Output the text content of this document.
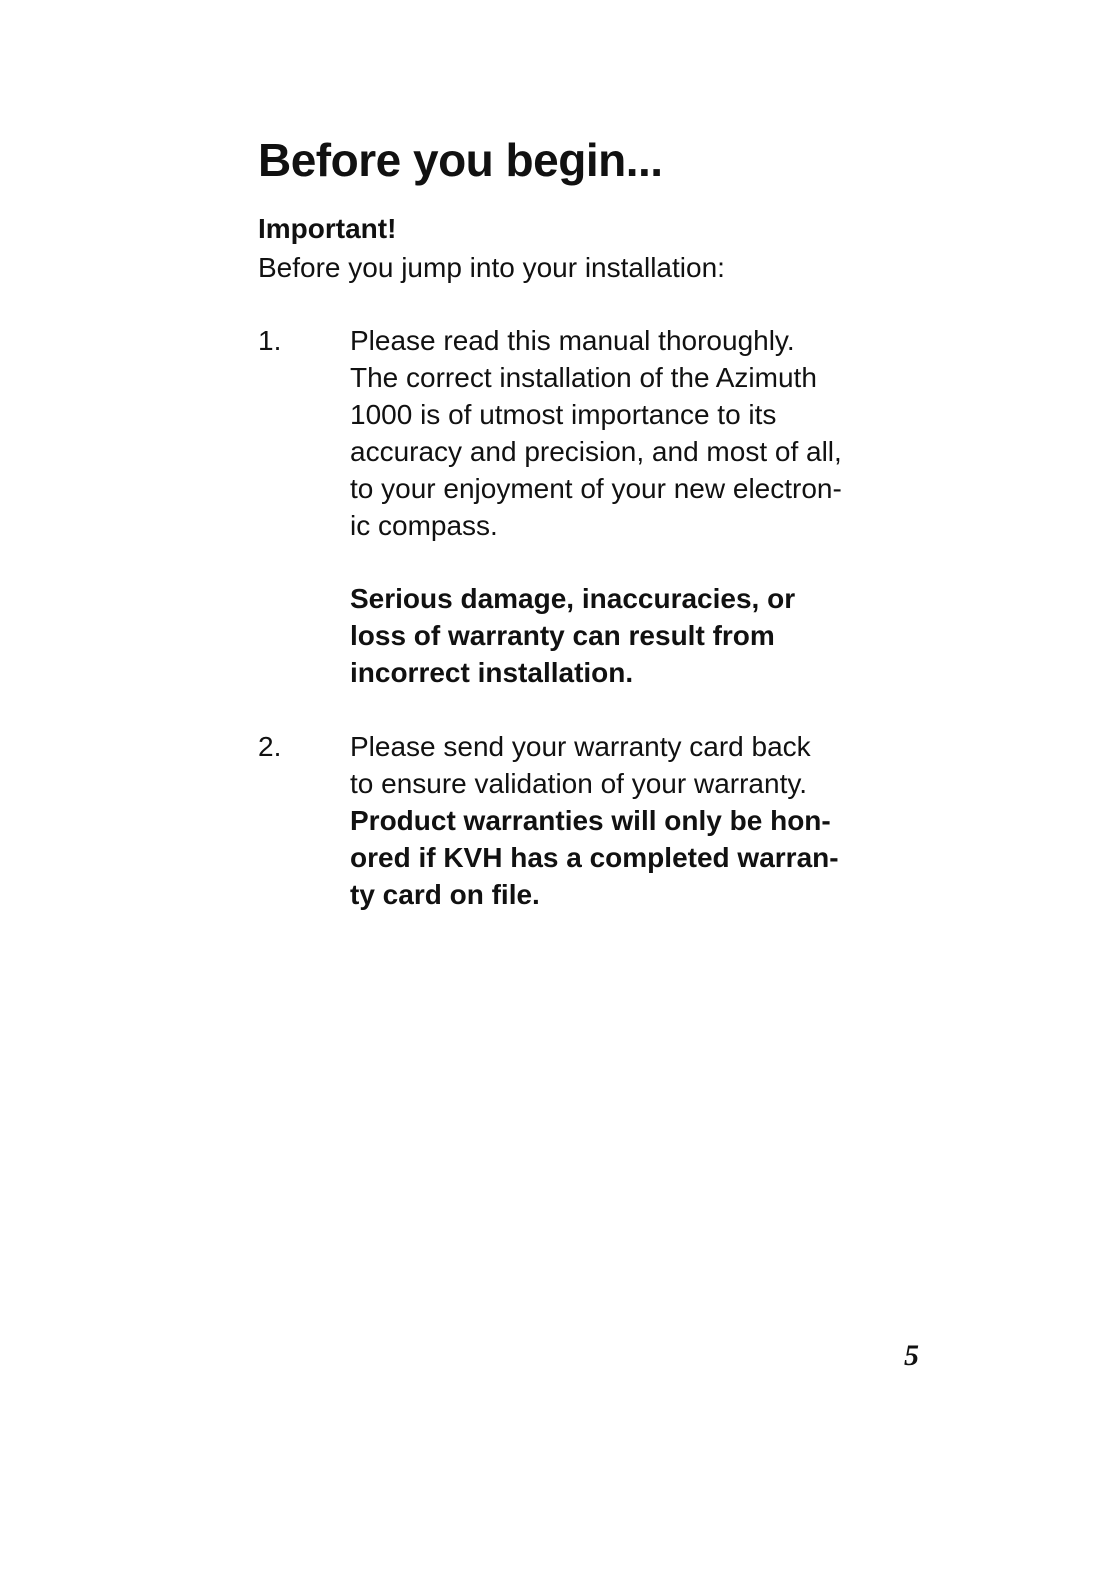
Before you begin...
Important!
Before you jump into your installation:
1. Please read this manual thoroughly.
The correct installation of the Azimuth
1000 is of utmost importance to its
accuracy and precision, and most of all,
to your enjoyment of your new electron-
ic compass.
Serious damage, inaccuracies, or
loss of warranty can result from
incorrect installation.
2. Please send your warranty card back
to ensure validation of your warranty.
Product warranties will only be hon-
ored if KVH has a completed warran-
ty card on file.
5
